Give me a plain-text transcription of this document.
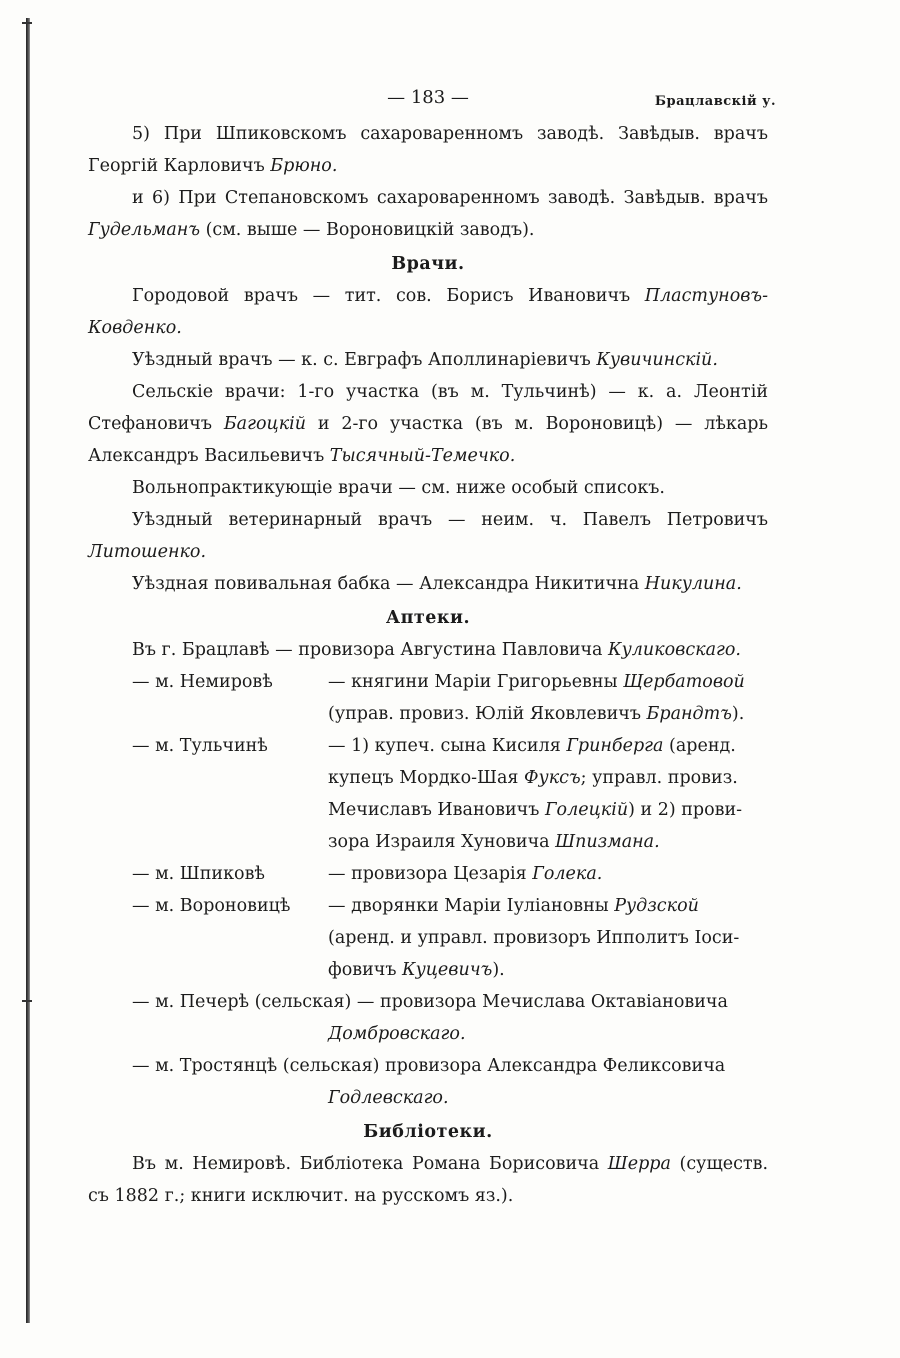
— 183 —	Брацлавскій у.

5) При Шпиковскомъ сахароваренномъ заводѣ. Завѣдыв. врачъ Георгій Карловичъ Брюно.

и 6) При Степановскомъ сахароваренномъ заводѣ. Завѣдыв. врачъ Гудельманъ (см. выше — Вороновицкій заводъ).

Врачи.

Городовой врачъ — тит. сов. Борисъ Ивановичъ Пластуновъ-Ковденко.

Уѣздный врачъ — к. с. Евграфъ Аполлинаріевичъ Кувичинскій.

Сельскіе врачи: 1-го участка (въ м. Тульчинѣ) — к. а. Леонтій Стефановичъ Багоцкій и 2-го участка (въ м. Вороновицѣ) — лѣкарь Александръ Васильевичъ Тысячный-Темечко.

Вольнопрактикующіе врачи — см. ниже особый списокъ.

Уѣздный ветеринарный врачъ — неим. ч. Павелъ Петровичъ Литошенко.

Уѣздная повивальная бабка — Александра Никитична Никулина.

Аптеки.

Въ г. Брацлавѣ — провизора Августина Павловича Куликовскаго.

— м. Немировѣ	— княгини Маріи Григорьевны Щербатовой
(управ. провиз. Юлій Яковлевичъ Брандтъ).
— м. Тульчинѣ	— 1) купеч. сына Кисиля Гринберга (аренд.
купецъ Мордко-Шая Фуксъ; управл. провиз.
Мечиславъ Ивановичъ Голецкій) и 2) прови-
зора Израиля Хуновича Шпизмана.
— м. Шпиковѣ	— провизора Цезарія Голека.
— м. Вороновицѣ	— дворянки Маріи Іуліановны Рудзской
(аренд. и управл. провизоръ Ипполитъ Іоси-
фовичъ Куцевичъ).
— м. Печерѣ (сельская) — провизора Мечислава Октавіановича
Домбровскаго.
— м. Тростянцѣ (сельская) провизора Александра Феликсовича
Годлевскаго.

Библіотеки.

Въ м. Немировѣ. Библіотека Романа Борисовича Шерра (существ. съ 1882 г.; книги исключит. на русскомъ яз.).
